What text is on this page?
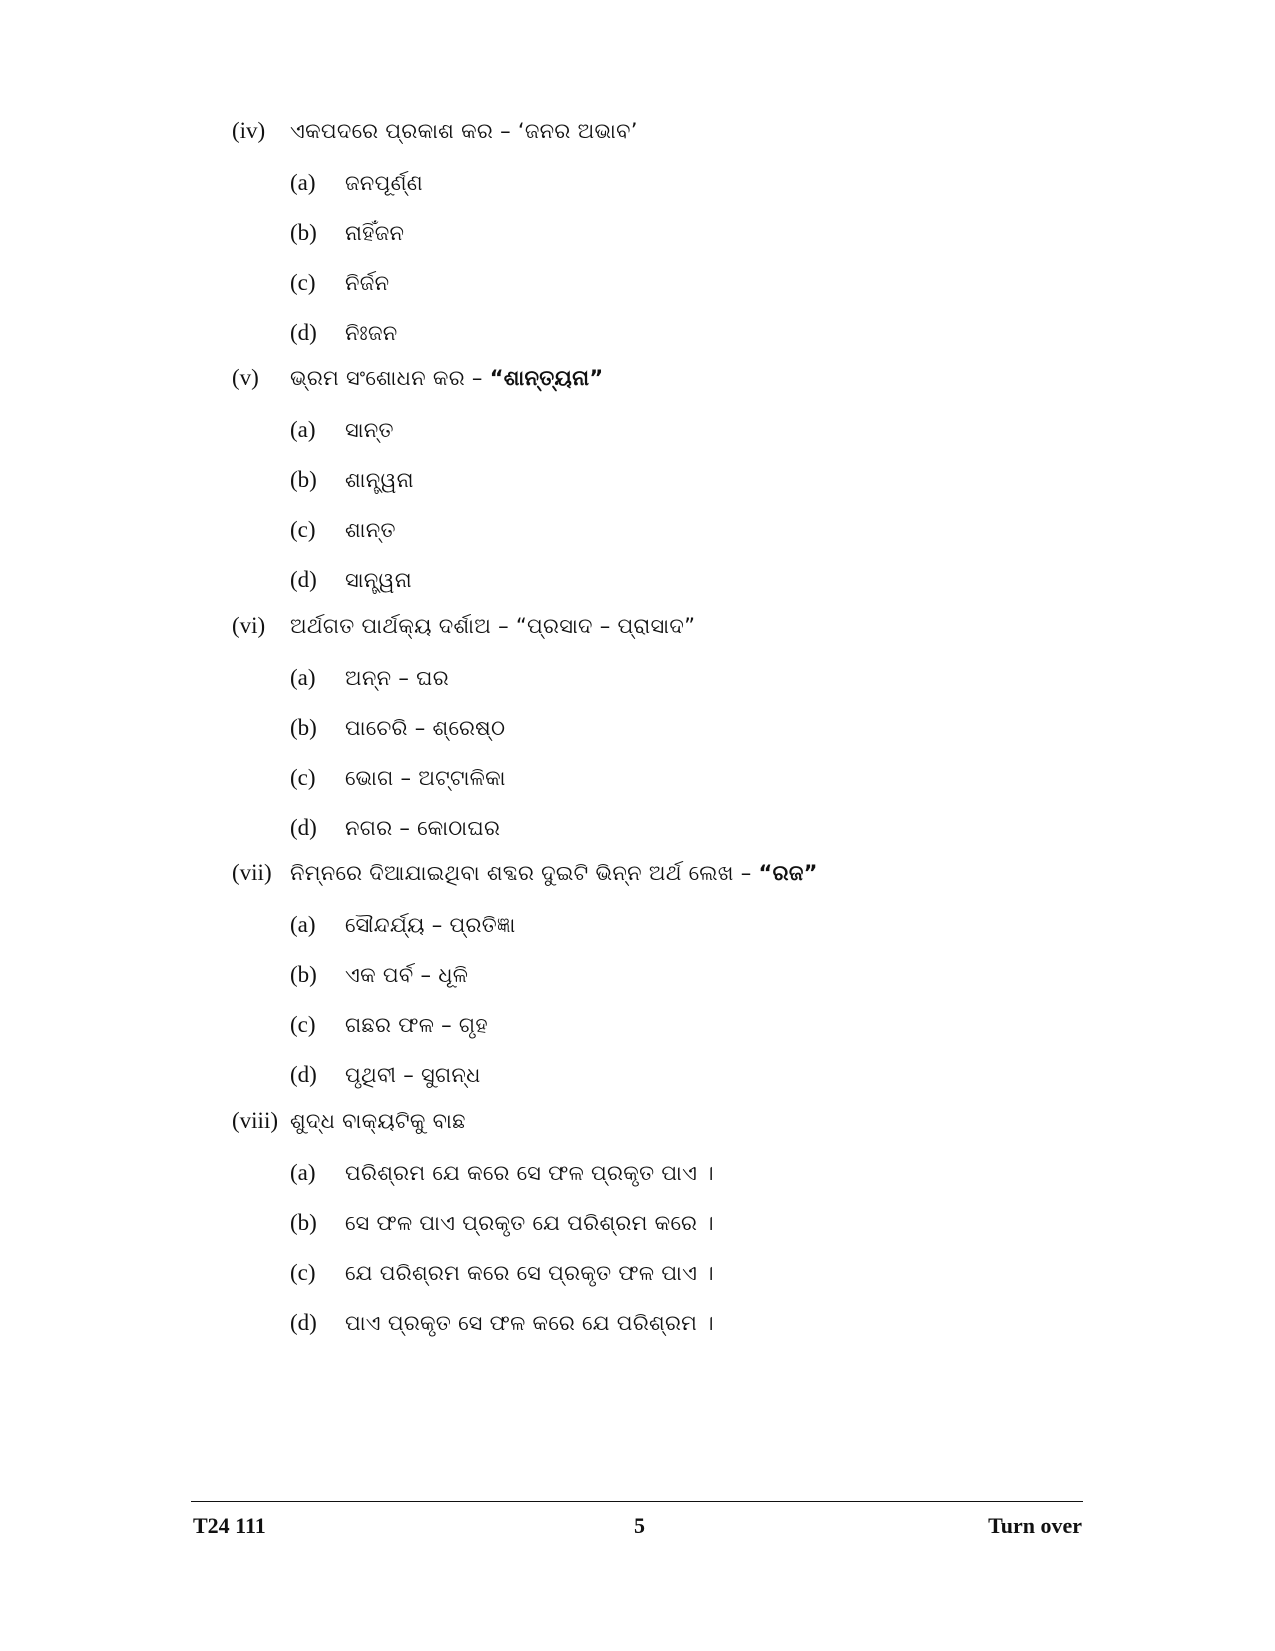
(iv)	ଏକପଦରେ ପ୍ରକାଶ କର – ‘ଜନର ଅଭାବ’
(a)	ଜନପୂର୍ଣ୍ଣ
(b)	ନାହିଁଜନ
(c)	ନିର୍ଜନ
(d)	ନିଃଜନ
(v)	ଭ୍ରମ ସଂଶୋଧନ କର – “ଶାନ୍ତ୍ୟନା”
(a)	ସାନ୍ତ
(b)	ଶାନ୍ତ୍ୱନା
(c)	ଶାନ୍ତ
(d)	ସାନ୍ତ୍ୱନା
(vi)	ଅର୍ଥଗତ ପାର୍ଥକ୍ୟ ଦର୍ଶାଅ – “ପ୍ରସାଦ – ପ୍ରାସାଦ”
(a)	ଅନ୍ନ – ଘର
(b)	ପାଚେରି – ଶ୍ରେଷ୍ଠ
(c)	ଭୋଗ – ଅଟ୍ଟାଳିକା
(d)	ନଗର – କୋଠାଘର
(vii) ନିମ୍ନରେ ଦିଆଯାଇଥିବା ଶବ୍ଦର ଦୁଇଟି ଭିନ୍ନ ଅର୍ଥ ଲେଖ – “ରଜ”
(a)	ସୌନ୍ଦର୍ଯ୍ୟ – ପ୍ରତିଜ୍ଞା
(b)	ଏକ ପର୍ବ – ଧୂଳି
(c)	ଗଛର ଫଳ – ଗୃହ
(d)	ପୃଥିବୀ – ସୁଗନ୍ଧ
(viii) ଶୁଦ୍ଧ ବାକ୍ୟଟିକୁ ବାଛ
(a)	ପରିଶ୍ରମ ଯେ କରେ ସେ ଫଳ ପ୍ରକୃତ ପାଏ ।
(b)	ସେ ଫଳ ପାଏ ପ୍ରକୃତ ଯେ ପରିଶ୍ରମ କରେ ।
(c)	ଯେ ପରିଶ୍ରମ କରେ ସେ ପ୍ରକୃତ ଫଳ ପାଏ ।
(d)	ପାଏ ପ୍ରକୃତ ସେ ଫଳ କରେ ଯେ ପରିଶ୍ରମ ।
T24 111	5	Turn over
